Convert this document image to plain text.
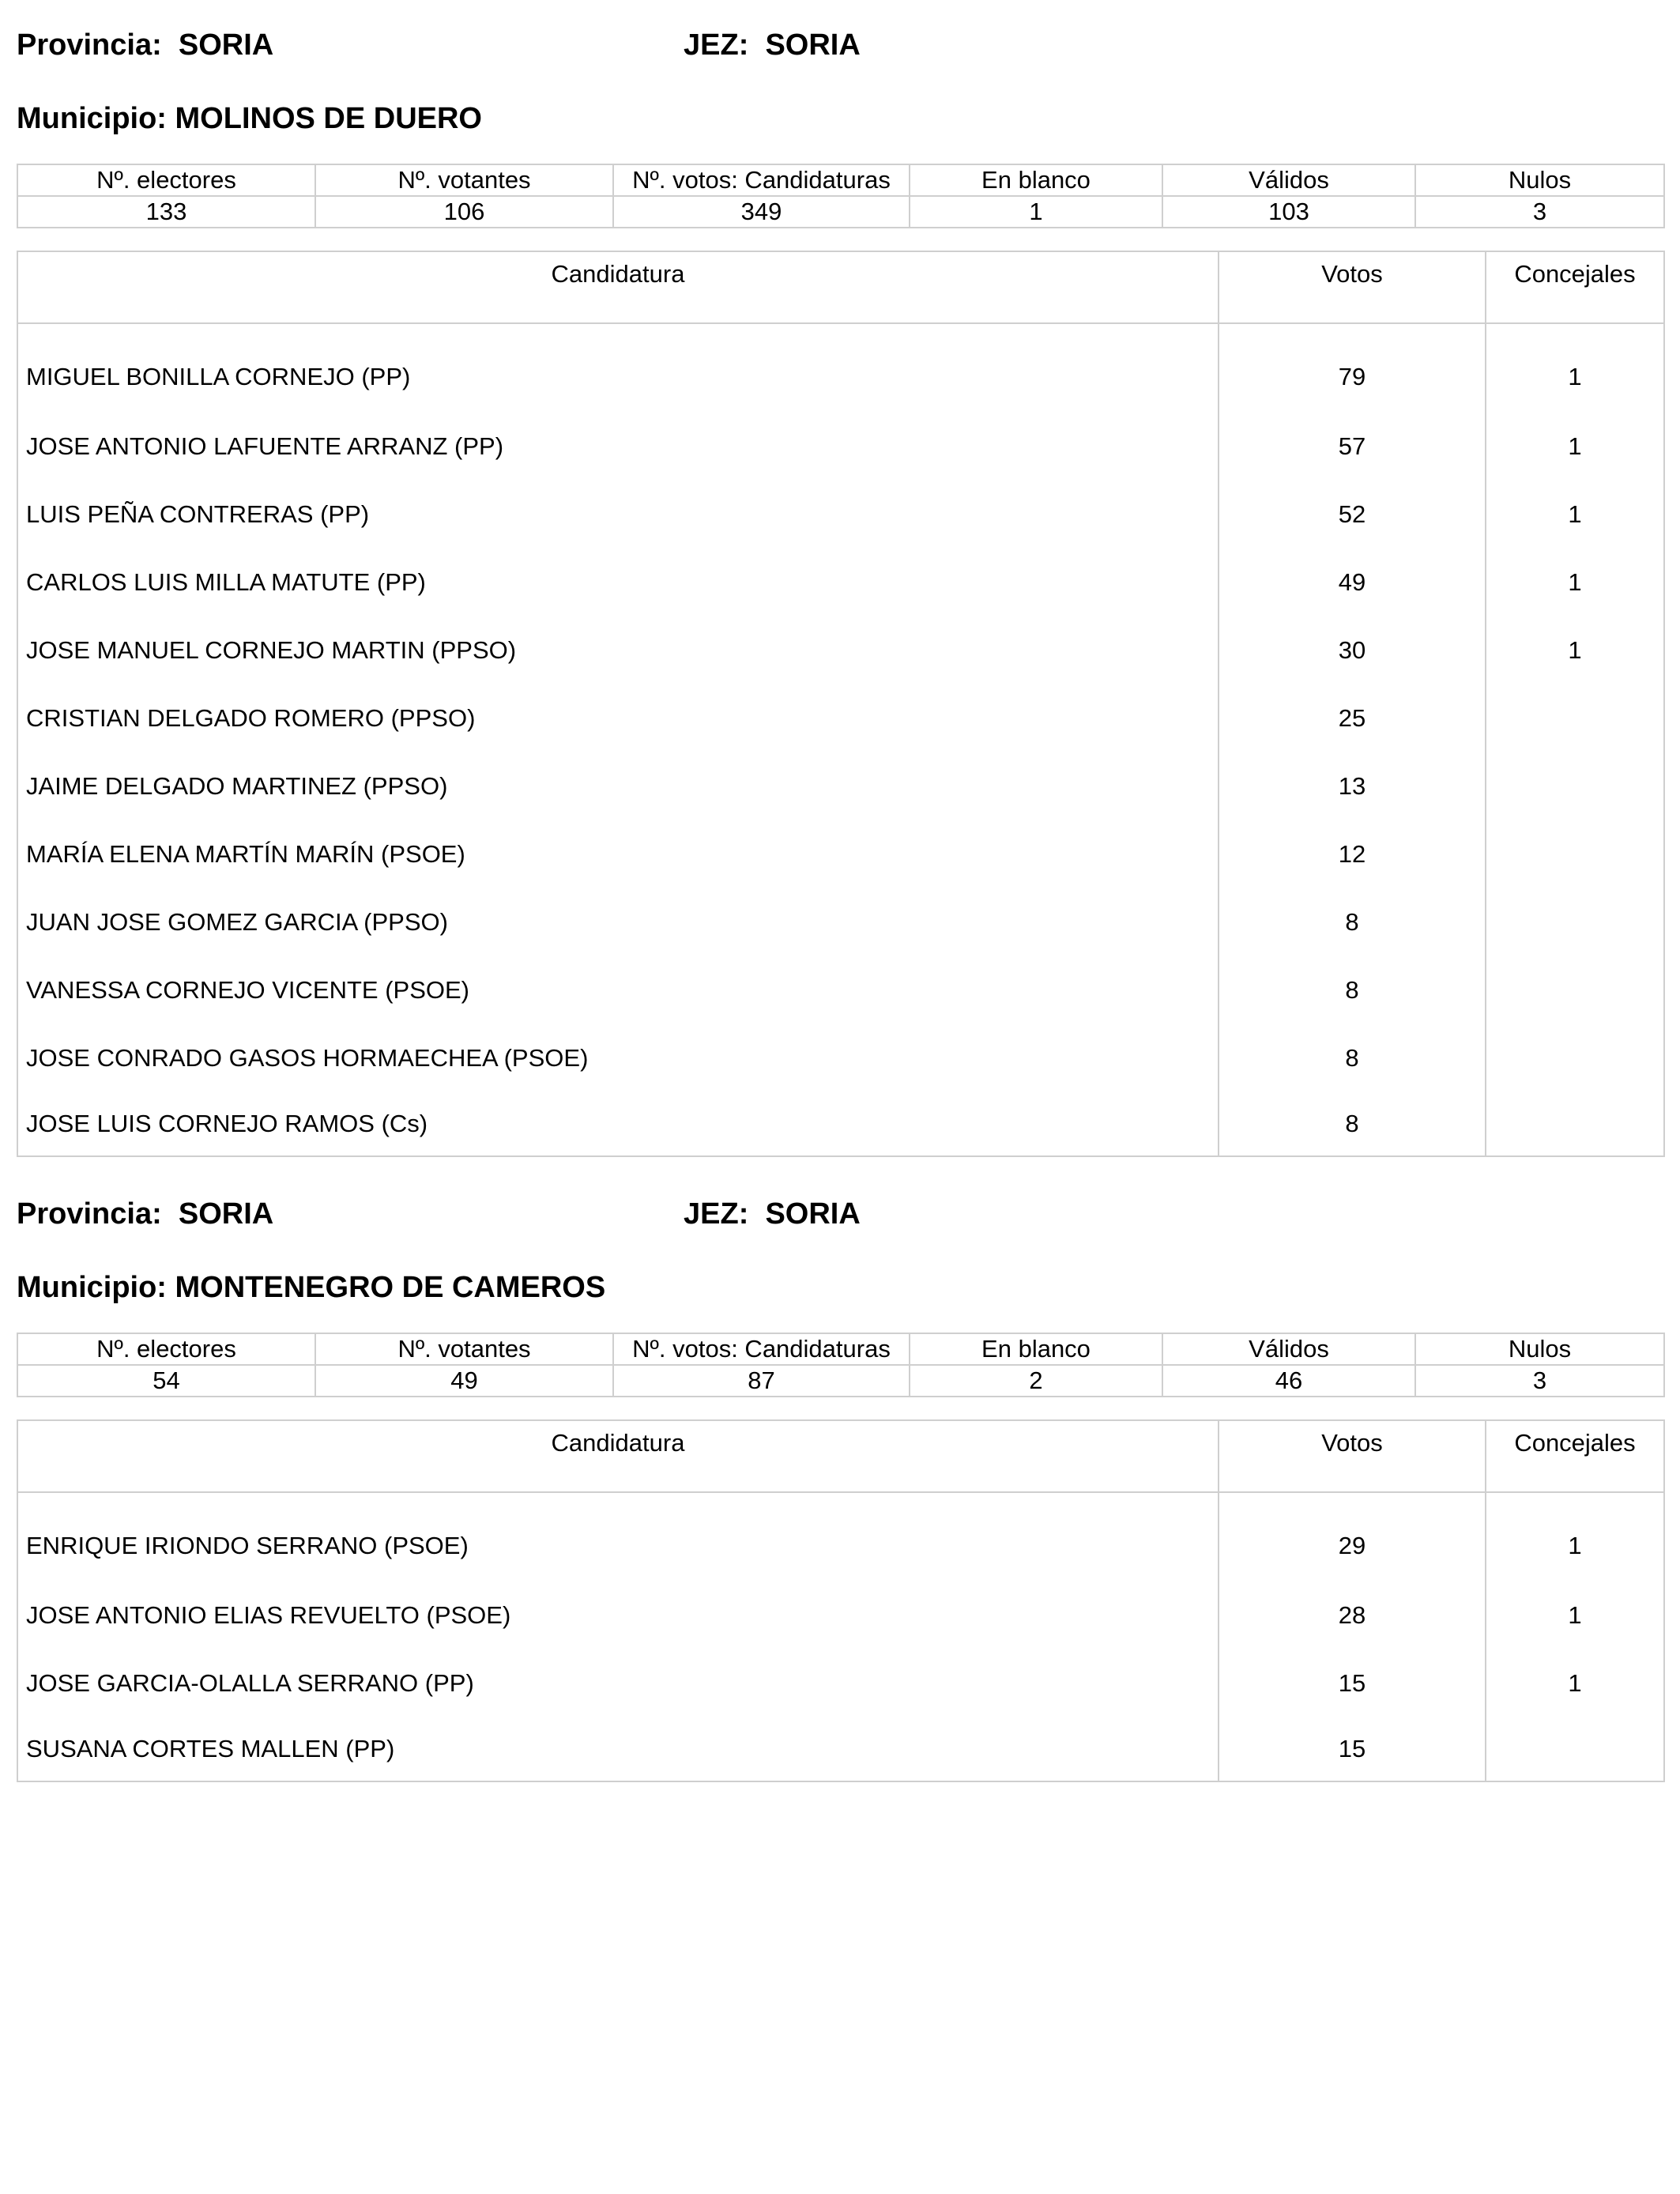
Provincia:  SORIA	JEZ:  SORIA
Municipio: MOLINOS DE DUERO
Nº. electores	Nº. votantes	Nº. votos: Candidaturas	En blanco	Válidos	Nulos
133	106	349	1	103	3
Candidatura	Votos	Concejales
MIGUEL BONILLA CORNEJO (PP)	79	1
JOSE ANTONIO LAFUENTE ARRANZ (PP)	57	1
LUIS PEÑA CONTRERAS (PP)	52	1
CARLOS LUIS MILLA MATUTE (PP)	49	1
JOSE MANUEL CORNEJO MARTIN (PPSO)	30	1
CRISTIAN DELGADO ROMERO (PPSO)	25	
JAIME DELGADO MARTINEZ (PPSO)	13	
MARÍA ELENA MARTÍN MARÍN (PSOE)	12	
JUAN JOSE GOMEZ GARCIA (PPSO)	8	
VANESSA CORNEJO VICENTE (PSOE)	8	
JOSE CONRADO GASOS HORMAECHEA (PSOE)	8	
JOSE LUIS CORNEJO RAMOS (Cs)	8	
Provincia:  SORIA	JEZ:  SORIA
Municipio: MONTENEGRO DE CAMEROS
Nº. electores	Nº. votantes	Nº. votos: Candidaturas	En blanco	Válidos	Nulos
54	49	87	2	46	3
Candidatura	Votos	Concejales
ENRIQUE IRIONDO SERRANO (PSOE)	29	1
JOSE ANTONIO ELIAS REVUELTO (PSOE)	28	1
JOSE GARCIA-OLALLA SERRANO (PP)	15	1
SUSANA CORTES MALLEN (PP)	15	
